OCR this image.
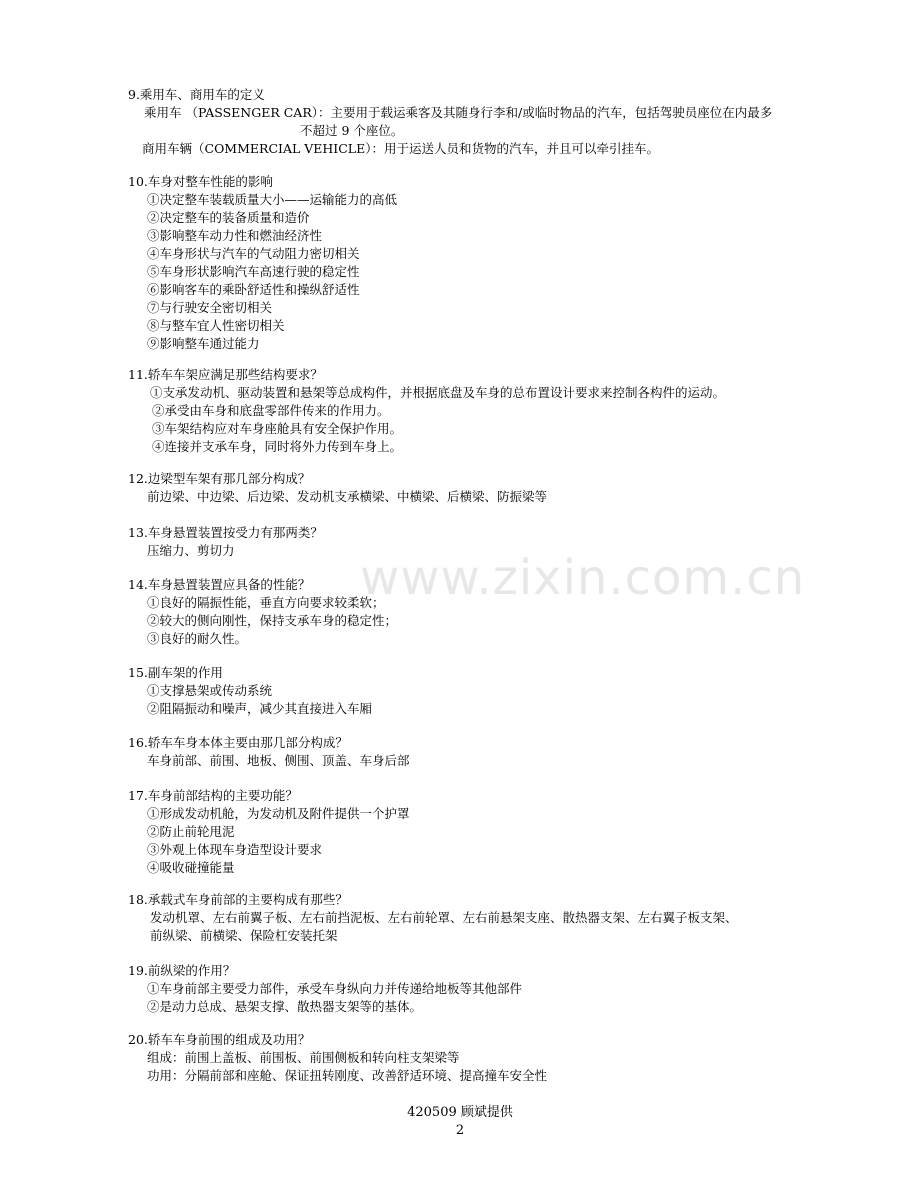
www.zixin.com.cn
9.乘用车、商用车的定义
乘用车 （PASSENGER CAR）： 主要用于载运乘客及其随身行李和/或临时物品的汽车，包括驾驶员座位在内最多
不超过 9 个座位。
商用车辆（COMMERCIAL VEHICLE）：用于运送人员和货物的汽车，并且可以牵引挂车。
10.车身对整车性能的影响
①决定整车装载质量大小——运输能力的高低
②决定整车的装备质量和造价
③影响整车动力性和燃油经济性
④车身形状与汽车的气动阻力密切相关
⑤车身形状影响汽车高速行驶的稳定性
⑥影响客车的乘卧舒适性和操纵舒适性
⑦与行驶安全密切相关
⑧与整车宜人性密切相关
⑨影响整车通过能力
11.轿车车架应满足那些结构要求？
①支承发动机、驱动装置和悬架等总成构件，并根据底盘及车身的总布置设计要求来控制各构件的运动。
②承受由车身和底盘零部件传来的作用力。
③车架结构应对车身座舱具有安全保护作用。
④连接并支承车身，同时将外力传到车身上。
12.边梁型车架有那几部分构成？
前边梁、中边梁、后边梁、发动机支承横梁、中横梁、后横梁、防振梁等
13.车身悬置装置按受力有那两类？
压缩力、剪切力
14.车身悬置装置应具备的性能？
①良好的隔振性能，垂直方向要求较柔软；
②较大的侧向刚性，保持支承车身的稳定性；
③良好的耐久性。
15.副车架的作用
①支撑悬架或传动系统
②阻隔振动和噪声，减少其直接进入车厢
16.轿车车身本体主要由那几部分构成？
车身前部、前围、地板、侧围、顶盖、车身后部
17.车身前部结构的主要功能？
①形成发动机舱，为发动机及附件提供一个护罩
②防止前轮甩泥
③外观上体现车身造型设计要求
④吸收碰撞能量
18.承载式车身前部的主要构成有那些？
发动机罩、左右前翼子板、左右前挡泥板、左右前轮罩、左右前悬架支座、散热器支架、左右翼子板支架、
前纵梁、前横梁、保险杠安装托架
19.前纵梁的作用？
①车身前部主要受力部件，承受车身纵向力并传递给地板等其他部件
②是动力总成、悬架支撑、散热器支架等的基体。
20.轿车车身前围的组成及功用？
组成：前围上盖板、前围板、前围侧板和转向柱支架梁等
功用：分隔前部和座舱、保证扭转刚度、改善舒适环境、提高撞车安全性
420509 顾斌提供
2
